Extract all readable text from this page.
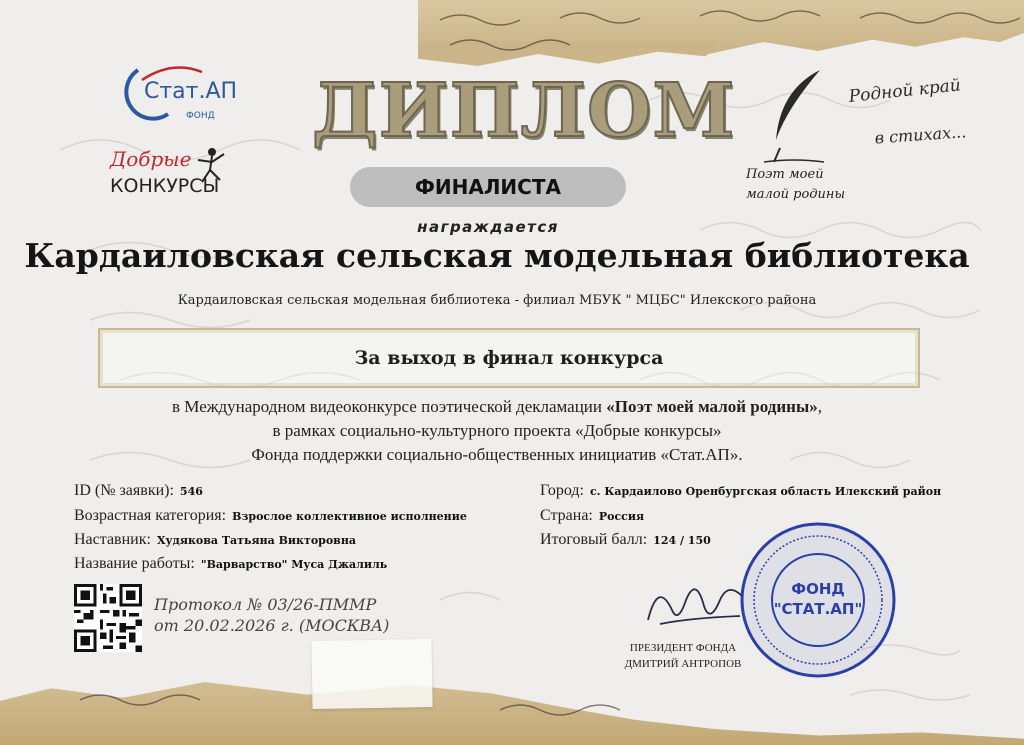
Стат.АП
ФОНД
Добрые
КОНКУРСЫ
ДИПЛОМ
ФИНАЛИСТА
награждается
Поэт моей
малой родины
Родной край
в стихах...
Кардаиловская сельская модельная библиотека
Кардаиловская сельская модельная библиотека - филиал МБУК " МЦБС" Илекского района
За выход в финал конкурса
в Международном видеоконкурсе поэтической декламации «Поэт моей малой родины»,
в рамках социально-культурного проекта «Добрые конкурсы»
Фонда поддержки социально-общественных инициатив «Стат.АП».
ID (№ заявки): 546
Возрастная категория: Взрослое коллективное исполнение
Наставник: Худякова Татьяна Викторовна
Название работы: "Варварство" Муса Джалиль
Город: с. Кардаилово Оренбургская область Илекский район
Страна: Россия
Итоговый балл: 124 / 150
Протокол № 03/26-ПММР
от 20.02.2026 г. (МОСКВА)
ФОНД
"СТАТ.АП"
ПРЕЗИДЕНТ ФОНДА
ДМИТРИЙ АНТРОПОВ
